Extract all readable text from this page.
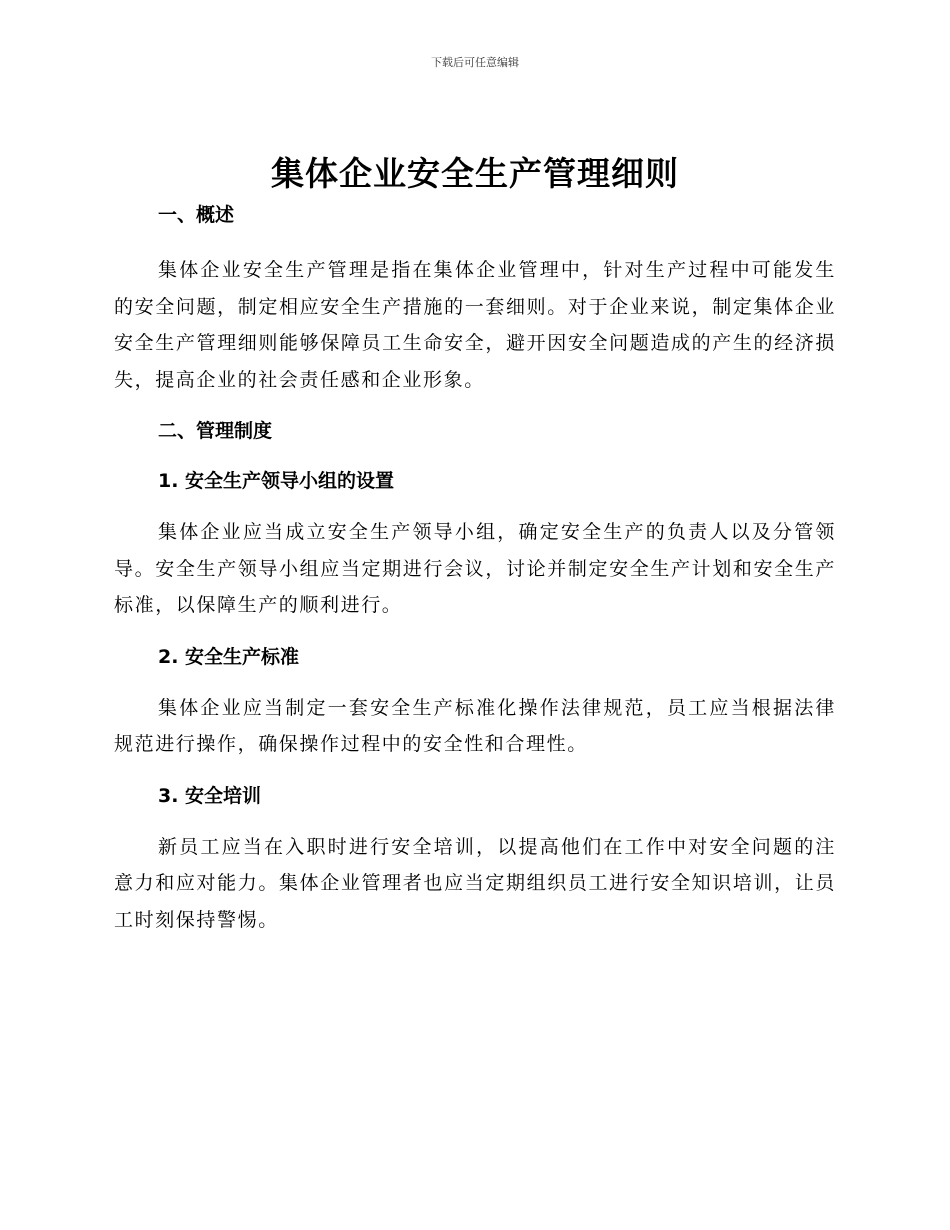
下载后可任意编辑
集体企业安全生产管理细则
一、概述

集体企业安全生产管理是指在集体企业管理中，针对生产过程中可能发生的安全问题，制定相应安全生产措施的一套细则。对于企业来说，制定集体企业安全生产管理细则能够保障员工生命安全，避开因安全问题造成的产生的经济损失，提高企业的社会责任感和企业形象。

二、管理制度
1. 安全生产领导小组的设置

集体企业应当成立安全生产领导小组，确定安全生产的负责人以及分管领导。安全生产领导小组应当定期进行会议，讨论并制定安全生产计划和安全生产标准，以保障生产的顺利进行。

2. 安全生产标准

集体企业应当制定一套安全生产标准化操作法律规范，员工应当根据法律规范进行操作，确保操作过程中的安全性和合理性。

3. 安全培训

新员工应当在入职时进行安全培训，以提高他们在工作中对安全问题的注意力和应对能力。集体企业管理者也应当定期组织员工进行安全知识培训，让员工时刻保持警惕。
